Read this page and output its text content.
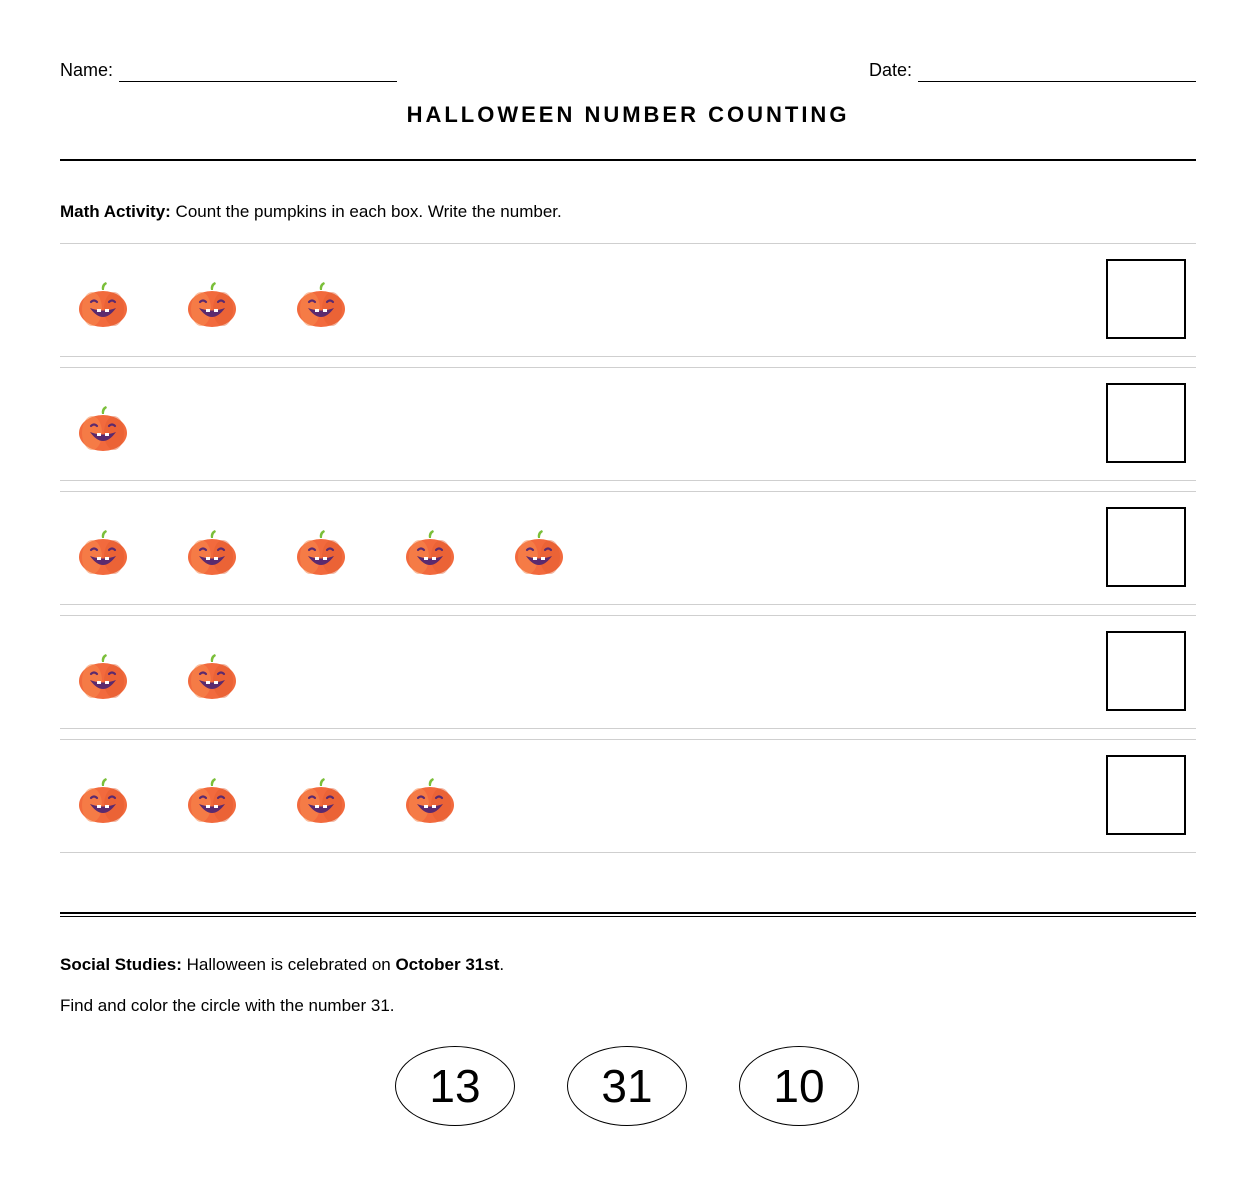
Name:	Date:
HALLOWEEN NUMBER COUNTING
Math Activity: Count the pumpkins in each box. Write the number.
Social Studies: Halloween is celebrated on October 31st.
Find and color the circle with the number 31.
13	31	10
